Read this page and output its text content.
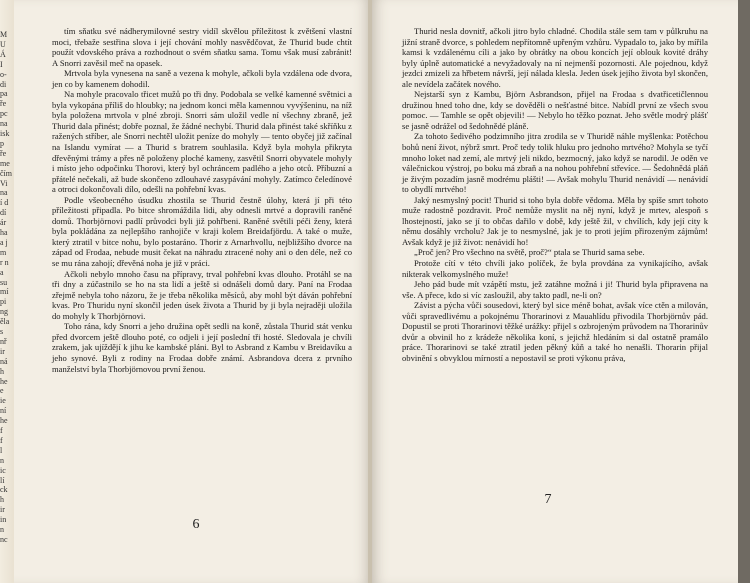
M
U
Á
I
o-
di
pa
ře
pc
na
isk
p
ře
me
čím
Vi
na
í d
dí
ár
ha
a j
m
r n
a
su
mí
pi
ng
ěla
s
nř
ir
ná
h
he
e
ie
ní
he
f
f
l
n
ic
lí
ck
h
ir
in
n
nc

tím sňatku své nádherymilovné sestry vidíl skvělou příležitost k zvětšení vlastní moci, třebaže sestřina slova i její chování mohly nasvědčovat, že Thurid bude chtít použít vdovského práva a rozhodnout o svém sňatku sama. Tomu však musí zabránit! A Snorri zavěsil meč na opasek.

Mrtvola byla vynesena na saně a vezena k mohyle, ačkoli byla vzdálena ode dvora, jen co by kamenem dohodil.

Na mohyle pracovalo třicet mužů po tři dny. Podobala se velké kamenné světnici a byla vykopána příliš do hloubky; na jednom konci měla kamennou vyvýšeninu, na níž byla položena mrtvola v plné zbroji. Snorri sám uložil vedle ní všechny zbraně, jež Thurid dala přinést; dobře poznal, že žádné nechybí. Thurid dala přinést také skříňku z ražených stříber, ale Snorri nechtěl uložit peníze do mohyly — tento obyčej již začínal na Islandu vymírat — a Thurid s bratrem souhlasila. Když byla mohyla přikryta dřevěnými trámy a přes ně položeny ploché kameny, zasvětil Snorri obyvatele mohyly i místo jeho odpočinku Thorovi, který byl ochráncem padlého a jeho otců. Příbuzní a přátelé nečekali, až bude skončeno zdlouhavé zasypávání mohyly. Zatímco čeledínové a otroci dokončovali dílo, odešli na pohřební kvas.

Podle všeobecného úsudku zhostila se Thurid čestně úlohy, která jí při této příležitosti připadla. Po bitce shromáždila lidi, aby odnesli mrtvé a dopravili raněné domů. Thorbjörnovi padlí průvodci byli již pohřbeni. Raněné světili péči ženy, která byla pokládána za nejlepšího ranhojiče v kraji kolem Breidafjördu. A také o muže, který ztratil v bitce nohu, bylo postaráno. Thorir z Arnarhvollu, nejbližšího dvorce na západ od Frodaa, nebude musit čekat na náhradu ztracené nohy ani o den déle, než co se mu rána zahojí; dřevěná noha je již v práci.

Ačkoli nebylo mnoho času na přípravy, trval pohřební kvas dlouho. Protáhl se na tři dny a zúčastnilo se ho na sta lidí a ještě si odnášeli domů dary. Paní na Frodaa zřejmě nebyla toho názoru, že je třeba několika měsíců, aby mohl být dáván pohřební kvas. Pro Thuridu nyní skončil jeden úsek života a Thurid by ji byla nejraději uložila do mohyly k Thorbjörnovi.

Toho rána, kdy Snorri a jeho družina opět sedli na koně, zůstala Thurid stát venku před dvorcem ještě dlouho poté, co odjeli i její poslední tři hosté. Sledovala je chvíli zrakem, jak ujíždějí k jihu ke kambské pláni. Byl to Asbrand z Kambu v Breidavíku a jeho synové. Byli z rodiny na Frodaa dobře známí. Asbrandova dcera z prvního manželství byla Thorbjörnovou první ženou.

6

Thurid nesla dovnitř, ačkoli jitro bylo chladné. Chodila stále sem tam v půlkruhu na jižní straně dvorce, s pohledem nepřítomně upřeným vzhůru. Vypadalo to, jako by mířila kamsi k vzdálenému cíli a jako by obrátky na obou koncích její oblouk kovité dráhy byly úplně automatické a nevyžadovaly na ní nejmenší pozornosti. Ale pojednou, když jezdci zmizeli za hřbetem návrší, její nálada klesla. Jeden úsek jejího života byl skončen, ale nevídela začátek nového.

Nejstarší syn z Kambu, Björn Asbrandson, přijel na Frodaa s dvatřicetičlennou družinou hned toho dne, kdy se dověděli o nešťastné bitce. Nabídl první ze všech svou pomoc. — Tamhle se opět objevili! — Nebylo ho těžko poznat. Jeho světle modrý plášť se jasně odrážel od šedohnědé pláně.

Za tohoto šedivého podzimního jitra zrodila se v Thuridě náhle myšlenka: Potěchou bohů není život, nýbrž smrt. Proč tedy tolik hluku pro jednoho mrtvého? Mohyla se tyčí mnoho loket nad zemí, ale mrtvý jeli nikdo, bezmocný, jako když se narodil. Je oděn ve válečnickou výstroj, po boku má zbraň a na nohou pohřební střevíce. — Šedohnědá pláň je živým pozadím jasně modrému plášti! — Avšak mohylu Thurid nenávidí — nenávidí to obydlí mrtvého!

Jaký nesmyslný pocit! Thurid si toho byla dobře vědoma. Měla by spíše smrt tohoto muže radostně pozdravit. Proč nemůže myslit na něj nyní, když je mrtev, alespoň s lhostejností, jako se jí to občas dařilo v době, kdy ještě žil, v chvílích, kdy její city k němu dosáhly vrcholu? Jak je to nesmyslné, jak je to proti jejím přirozeným zájmům! Avšak když je již život: nenávidí ho!

„Proč jen? Pro všechno na světě, proč?“ ptala se Thurid sama sebe.

Protože cítí v této chvíli jako políček, že byla provdána za vynikajícího, avšak nikterak velkomyslného muže!

Jeho pád bude mít vzápětí mstu, jež zatáhne možná i ji! Thurid byla připravena na vše. A přece, kdo si víc zasloužil, aby takto padl, ne-li on?

Závist a pýcha vůči sousedovi, který byl sice méně bohat, avšak více ctěn a milován, vůči spravedlivému a pokojnému Thorarinovi z Mauahlídu přivodila Thorbjörnův pád. Dopustil se proti Thorarinovi těžké urážky: přijel s ozbrojeným průvodem na Thorarinův dvůr a obvinil ho z krádeže několika koní, s jejichž hledáním si dal ostatně pramálo práce. Thorarinovi se také ztratil jeden pěkný kůň a také ho nenašli. Thorarin přijal obvinění s obvyklou mírností a nepostavil se proti výkonu práva,

7
